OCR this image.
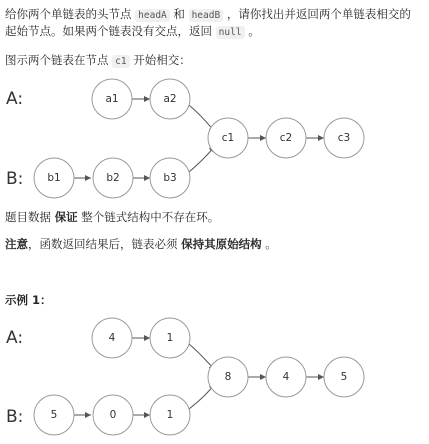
给你两个单链表的头节点 headA 和 headB ，请你找出并返回两个单链表相交的

起始节点。如果两个链表没有交点，返回 null 。

图示两个链表在节点 c1 开始相交：

A:
B:
a1	a2
b1	b2	b3
c1	c2	c3

题目数据 保证 整个链式结构中不存在环。

注意，函数返回结果后，链表必须 保持其原始结构 。

示例 1：

A:
B:
4	1
5	0	1
8	4	5
